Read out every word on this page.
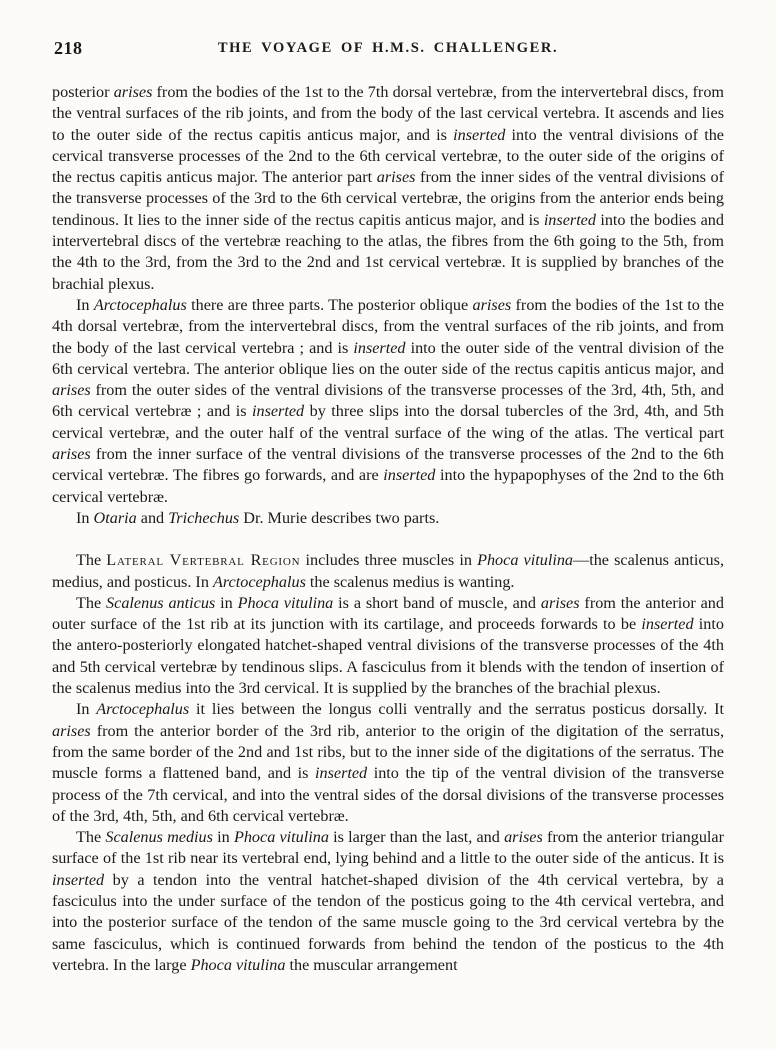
218	THE VOYAGE OF H.M.S. CHALLENGER.

posterior arises from the bodies of the 1st to the 7th dorsal vertebræ, from the intervertebral discs, from the ventral surfaces of the rib joints, and from the body of the last cervical vertebra. It ascends and lies to the outer side of the rectus capitis anticus major, and is inserted into the ventral divisions of the cervical transverse processes of the 2nd to the 6th cervical vertebræ, to the outer side of the origins of the rectus capitis anticus major. The anterior part arises from the inner sides of the ventral divisions of the transverse processes of the 3rd to the 6th cervical vertebræ, the origins from the anterior ends being tendinous. It lies to the inner side of the rectus capitis anticus major, and is inserted into the bodies and intervertebral discs of the vertebræ reaching to the atlas, the fibres from the 6th going to the 5th, from the 4th to the 3rd, from the 3rd to the 2nd and 1st cervical vertebræ. It is supplied by branches of the brachial plexus.

In Arctocephalus there are three parts. The posterior oblique arises from the bodies of the 1st to the 4th dorsal vertebræ, from the intervertebral discs, from the ventral surfaces of the rib joints, and from the body of the last cervical vertebra ; and is inserted into the outer side of the ventral division of the 6th cervical vertebra. The anterior oblique lies on the outer side of the rectus capitis anticus major, and arises from the outer sides of the ventral divisions of the transverse processes of the 3rd, 4th, 5th, and 6th cervical vertebræ ; and is inserted by three slips into the dorsal tubercles of the 3rd, 4th, and 5th cervical vertebræ, and the outer half of the ventral surface of the wing of the atlas. The vertical part arises from the inner surface of the ventral divisions of the transverse processes of the 2nd to the 6th cervical vertebræ. The fibres go forwards, and are inserted into the hypapophyses of the 2nd to the 6th cervical vertebræ.

In Otaria and Trichechus Dr. Murie describes two parts.

The Lateral Vertebral Region includes three muscles in Phoca vitulina—the scalenus anticus, medius, and posticus. In Arctocephalus the scalenus medius is wanting.

The Scalenus anticus in Phoca vitulina is a short band of muscle, and arises from the anterior and outer surface of the 1st rib at its junction with its cartilage, and proceeds forwards to be inserted into the antero-posteriorly elongated hatchet-shaped ventral divisions of the transverse processes of the 4th and 5th cervical vertebræ by tendinous slips. A fasciculus from it blends with the tendon of insertion of the scalenus medius into the 3rd cervical. It is supplied by the branches of the brachial plexus.

In Arctocephalus it lies between the longus colli ventrally and the serratus posticus dorsally. It arises from the anterior border of the 3rd rib, anterior to the origin of the digitation of the serratus, from the same border of the 2nd and 1st ribs, but to the inner side of the digitations of the serratus. The muscle forms a flattened band, and is inserted into the tip of the ventral division of the transverse process of the 7th cervical, and into the ventral sides of the dorsal divisions of the transverse processes of the 3rd, 4th, 5th, and 6th cervical vertebræ.

The Scalenus medius in Phoca vitulina is larger than the last, and arises from the anterior triangular surface of the 1st rib near its vertebral end, lying behind and a little to the outer side of the anticus. It is inserted by a tendon into the ventral hatchet-shaped division of the 4th cervical vertebra, by a fasciculus into the under surface of the tendon of the posticus going to the 4th cervical vertebra, and into the posterior surface of the tendon of the same muscle going to the 3rd cervical vertebra by the same fasciculus, which is continued forwards from behind the tendon of the posticus to the 4th vertebra. In the large Phoca vitulina the muscular arrangement
